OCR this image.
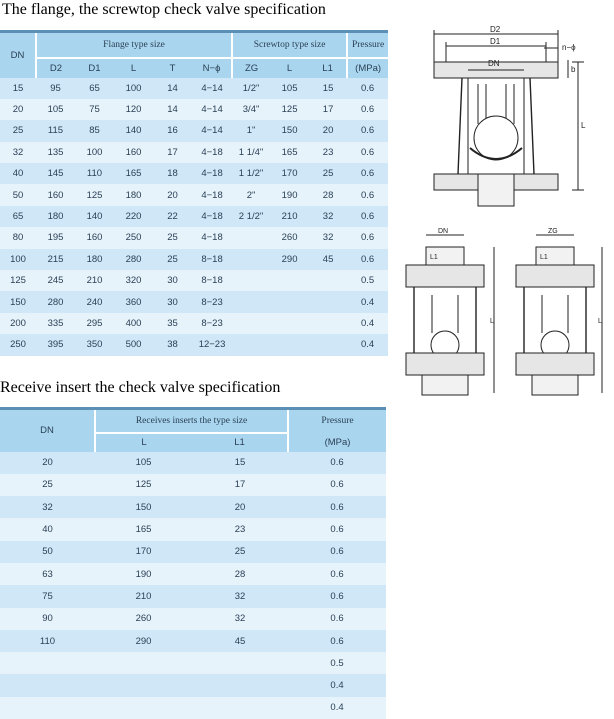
The flange, the screwtop check valve specification
Receive insert the check valve specification
DN	Flange type size					Screwtop type size			Pressure
	D2	D1	L	T	N−ϕ	ZG	L	L1	(MPa)
15	95	65	100	14	4−14	1/2"	105	15	0.6
20	105	75	120	14	4−14	3/4"	125	17	0.6
25	115	85	140	16	4−14	1"	150	20	0.6
32	135	100	160	17	4−18	1 1/4"	165	23	0.6
40	145	110	165	18	4−18	1 1/2"	170	25	0.6
50	160	125	180	20	4−18	2"	190	28	0.6
65	180	140	220	22	4−18	2 1/2"	210	32	0.6
80	195	160	250	25	4−18		260	32	0.6
100	215	180	280	25	8−18		290	45	0.6
125	245	210	320	30	8−18				0.5
150	280	240	360	30	8−23				0.4
200	335	295	400	35	8−23				0.4
250	395	350	500	38	12−23				0.4
DN	Receives inserts the type size		Pressure
	L	L1	(MPa)
20	105	15	0.6
25	125	17	0.6
32	150	20	0.6
40	165	23	0.6
50	170	25	0.6
63	190	28	0.6
75	210	32	0.6
90	260	32	0.6
110	290	45	0.6
			0.5
			0.4
			0.4
D2
D1
n−ϕ
DN
b
L
DN	ZG
L1	L1
L	L
